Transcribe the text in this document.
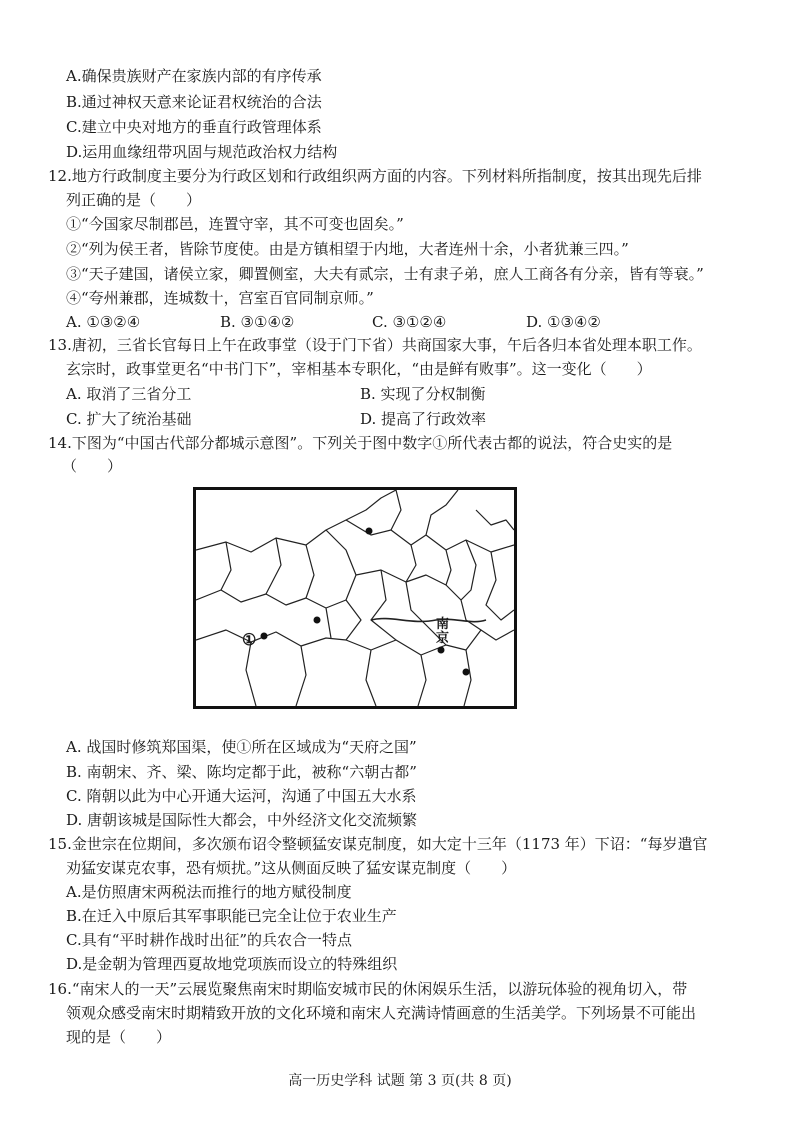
A.确保贵族财产在家族内部的有序传承
B.通过神权天意来论证君权统治的合法
C.建立中央对地方的垂直行政管理体系
D.运用血缘纽带巩固与规范政治权力结构
12.地方行政制度主要分为行政区划和行政组织两方面的内容。下列材料所指制度，按其出现先后排
列正确的是（　　）
①“今国家尽制郡邑，连置守宰，其不可变也固矣。”
②“列为侯王者，皆除节度使。由是方镇相望于内地，大者连州十余，小者犹兼三四。”
③“天子建国，诸侯立家，卿置侧室，大夫有贰宗，士有隶子弟，庶人工商各有分亲，皆有等衰。”
④“夸州兼郡，连城数十，宫室百官同制京师。”
A. ①③②④	B. ③①④②	C. ③①②④	D. ①③④②
13.唐初，三省长官每日上午在政事堂（设于门下省）共商国家大事，午后各归本省处理本职工作。
玄宗时，政事堂更名“中书门下”，宰相基本专职化，“由是鲜有败事”。这一变化（　　）
A. 取消了三省分工	B. 实现了分权制衡
C. 扩大了统治基础	D. 提高了行政效率
14.下图为“中国古代部分都城示意图”。下列关于图中数字①所代表古都的说法，符合史实的是
（　　）
①
南京
A. 战国时修筑郑国渠，使①所在区域成为“天府之国”
B. 南朝宋、齐、梁、陈均定都于此，被称“六朝古都”
C. 隋朝以此为中心开通大运河，沟通了中国五大水系
D. 唐朝该城是国际性大都会，中外经济文化交流频繁
15.金世宗在位期间，多次颁布诏令整顿猛安谋克制度，如大定十三年（1173 年）下诏：“每岁遣官
劝猛安谋克农事，恐有烦扰。”这从侧面反映了猛安谋克制度（　　）
A.是仿照唐宋两税法而推行的地方赋役制度
B.在迁入中原后其军事职能已完全让位于农业生产
C.具有“平时耕作战时出征”的兵农合一特点
D.是金朝为管理西夏故地党项族而设立的特殊组织
16.“南宋人的一天”云展览聚焦南宋时期临安城市民的休闲娱乐生活，以游玩体验的视角切入，带
领观众感受南宋时期精致开放的文化环境和南宋人充满诗情画意的生活美学。下列场景不可能出
现的是（　　）
高一历史学科 试题 第 3 页(共 8 页)
